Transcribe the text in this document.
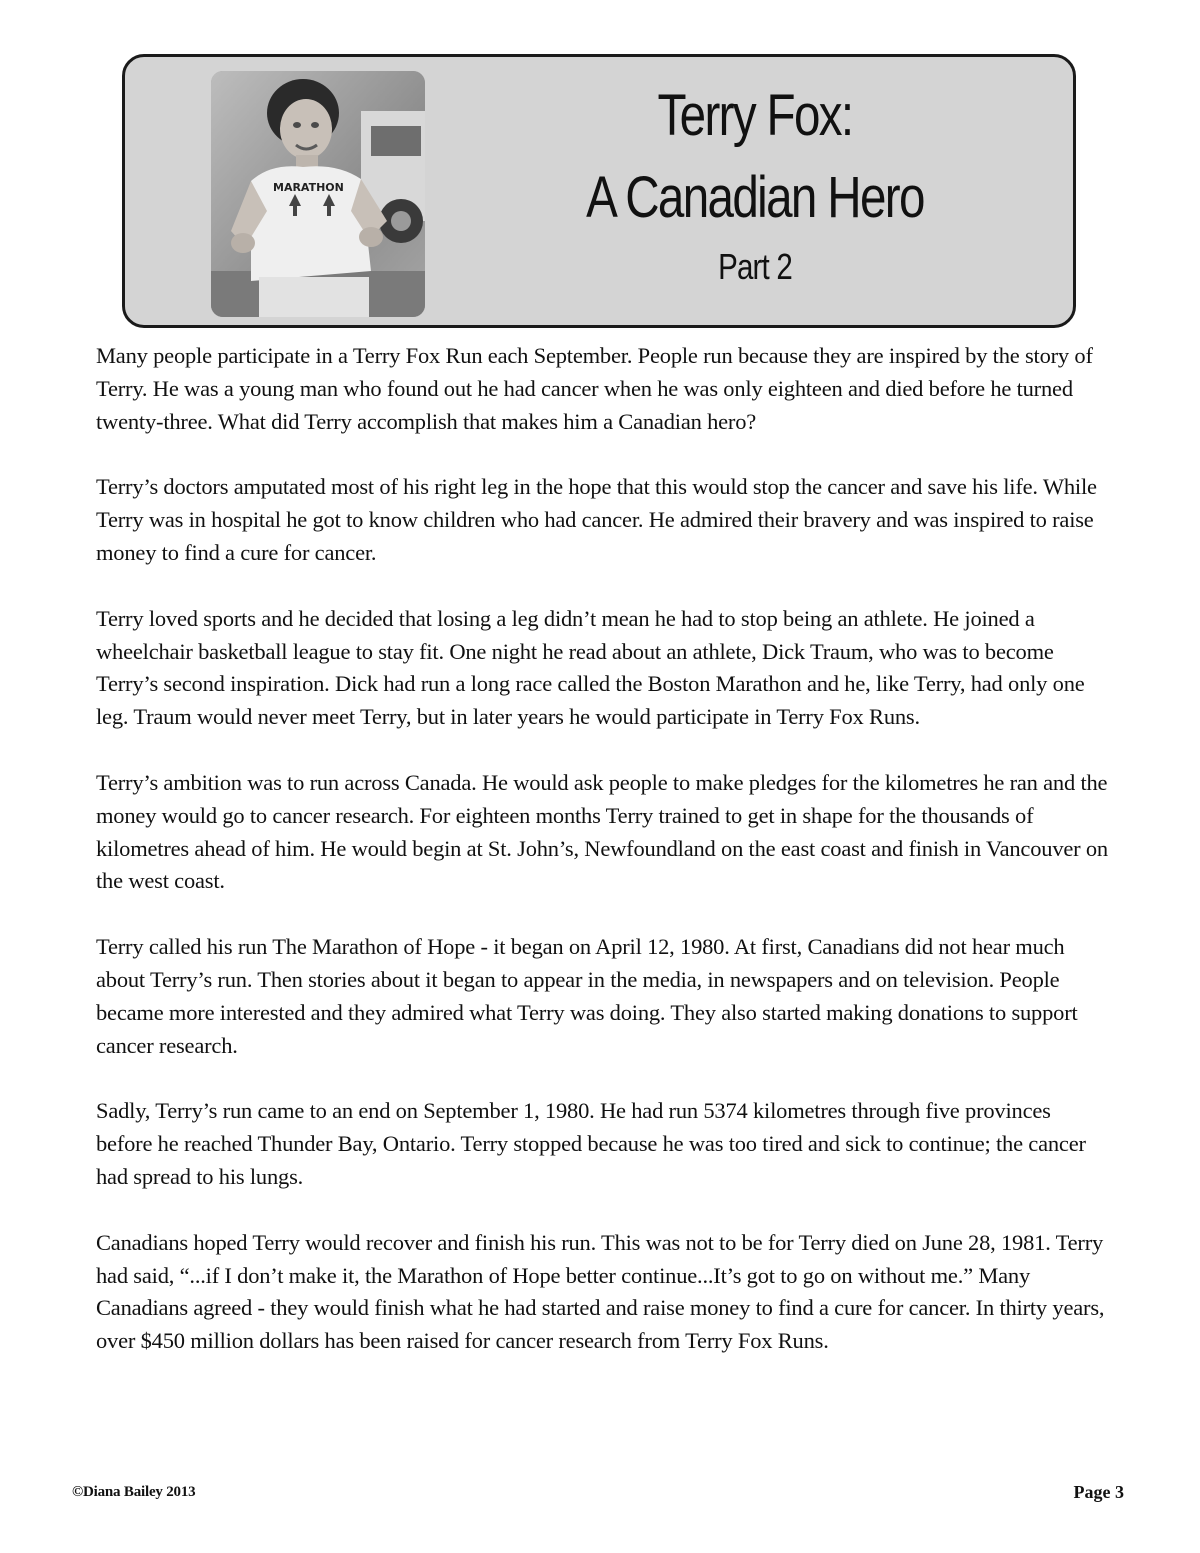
MARATHON
Terry Fox:
A Canadian Hero
Part 2

Many people participate in a Terry Fox Run each September. People run because they are inspired by the story of Terry. He was a young man who found out he had cancer when he was only eighteen and died before he turned twenty-three. What did Terry accomplish that makes him a Canadian hero?

Terry’s doctors amputated most of his right leg in the hope that this would stop the cancer and save his life. While Terry was in hospital he got to know children who had cancer. He admired their bravery and was inspired to raise money to find a cure for cancer.

Terry loved sports and he decided that losing a leg didn’t mean he had to stop being an athlete. He joined a wheelchair basketball league to stay fit. One night he read about an athlete, Dick Traum, who was to become Terry’s second inspiration. Dick had run a long race called the Boston Marathon and he, like Terry, had only one leg. Traum would never meet Terry, but in later years he would participate in Terry Fox Runs.

Terry’s ambition was to run across Canada. He would ask people to make pledges for the kilometres he ran and the money would go to cancer research. For eighteen months Terry trained to get in shape for the thousands of kilometres ahead of him. He would begin at St. John’s, Newfoundland on the east coast and finish in Vancouver on the west coast.

Terry called his run The Marathon of Hope - it began on April 12, 1980. At first, Canadians did not hear much about Terry’s run. Then stories about it began to appear in the media, in newspapers and on television. People became more interested and they admired what Terry was doing. They also started making donations to support cancer research.

Sadly, Terry’s run came to an end on September 1, 1980. He had run 5374 kilometres through five provinces before he reached Thunder Bay, Ontario. Terry stopped because he was too tired and sick to continue; the cancer had spread to his lungs.

Canadians hoped Terry would recover and finish his run. This was not to be for Terry died on June 28, 1981. Terry had said, “...if I don’t make it, the Marathon of Hope better continue...It’s got to go on without me.” Many Canadians agreed - they would finish what he had started and raise money to find a cure for cancer. In thirty years, over $450 million dollars has been raised for cancer research from Terry Fox Runs.

©Diana Bailey 2013	Page 3
